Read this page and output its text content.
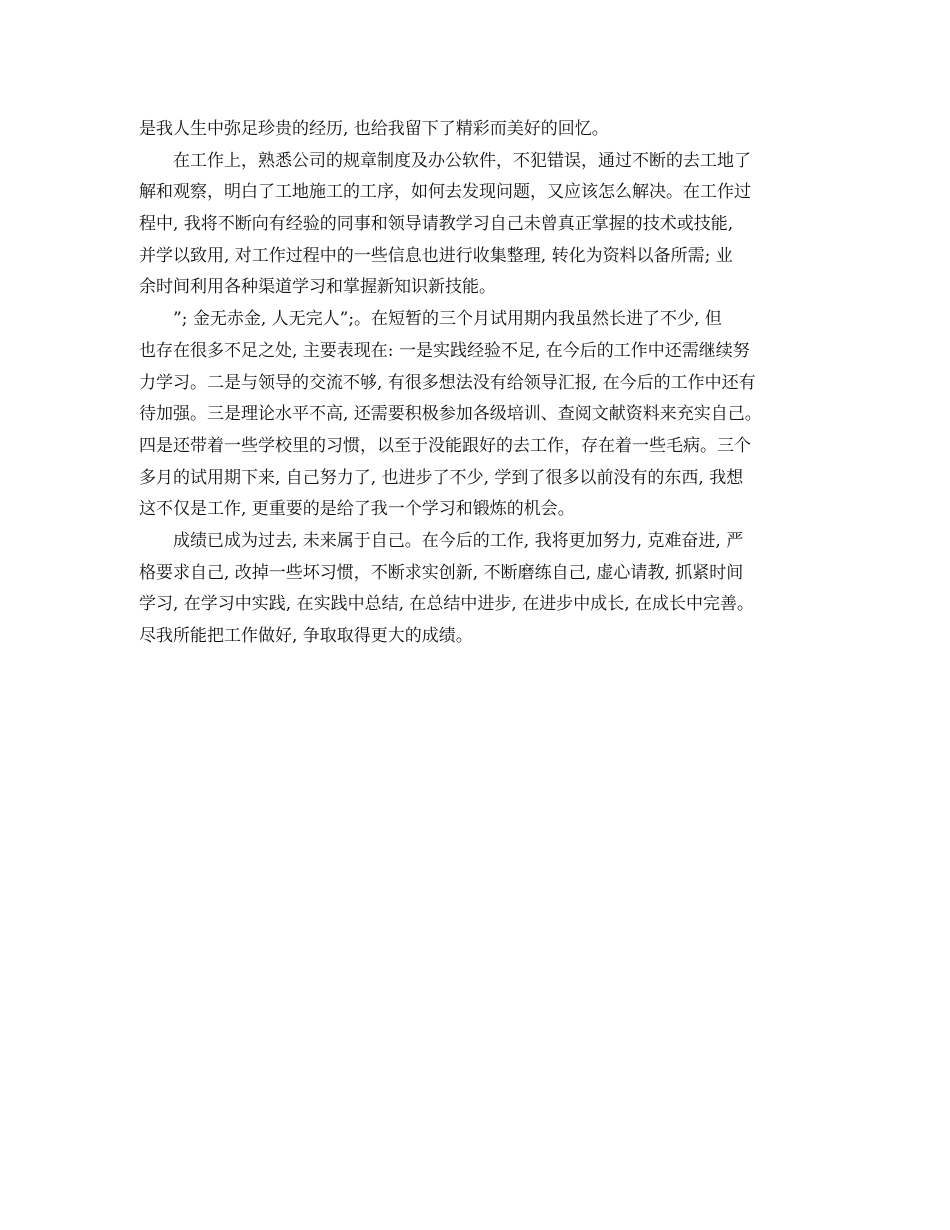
是我人生中弥足珍贵的经历, 也给我留下了精彩而美好的回忆。
　　在工作上，熟悉公司的规章制度及办公软件，不犯错误，通过不断的去工地了
解和观察，明白了工地施工的工序，如何去发现问题，又应该怎么解决。在工作过
程中, 我将不断向有经验的同事和领导请教学习自己未曾真正掌握的技术或技能,
并学以致用, 对工作过程中的一些信息也进行收集整理, 转化为资料以备所需; 业
余时间利用各种渠道学习和掌握新知识新技能。
　　”; 金无赤金, 人无完人”;。在短暂的三个月试用期内我虽然长进了不少, 但
也存在很多不足之处, 主要表现在: 一是实践经验不足, 在今后的工作中还需继续努
力学习。二是与领导的交流不够, 有很多想法没有给领导汇报, 在今后的工作中还有
待加强。三是理论水平不高, 还需要积极参加各级培训、查阅文献资料来充实自己。
四是还带着一些学校里的习惯，以至于没能跟好的去工作，存在着一些毛病。三个
多月的试用期下来, 自己努力了, 也进步了不少, 学到了很多以前没有的东西, 我想
这不仅是工作, 更重要的是给了我一个学习和锻炼的机会。
　　成绩已成为过去, 未来属于自己。在今后的工作, 我将更加努力, 克难奋进, 严
格要求自己, 改掉一些坏习惯，不断求实创新, 不断磨练自己, 虚心请教, 抓紧时间
学习, 在学习中实践, 在实践中总结, 在总结中进步, 在进步中成长, 在成长中完善。
尽我所能把工作做好, 争取取得更大的成绩。
